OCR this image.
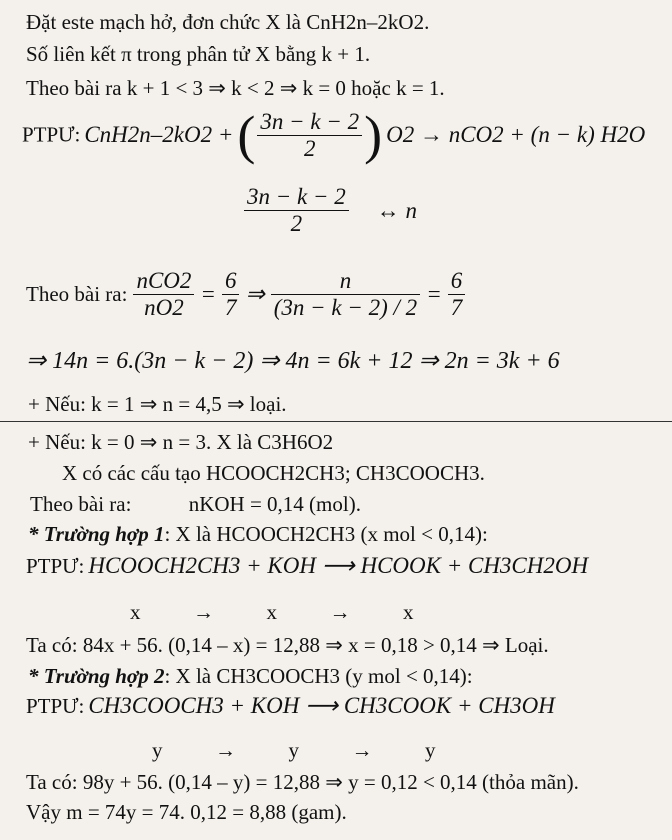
Đặt este mạch hở, đơn chức X là CnH2n–2kO2.
Số liên kết π trong phân tử X bằng k + 1.
Theo bài ra k + 1 < 3 ⇒ k < 2 ⇒ k = 0 hoặc k = 1.
PTPƯ: CnH2n–2kO2 + ( $\frac{3n - k - 2}{2}$ ) O2 → nCO2 + (n − k) H2O
$\frac{3n - k - 2}{2}$ ↔ n
Theo bài ra: $\frac{\text{nCO2}}{nO2} = \frac{6}{7}$ ⇒ $\frac{n}{(3n - k - 2) / 2} = \frac{6}{7}$
⇒ 14n = 6.(3n − k − 2) ⇒ 4n = 6k + 12 ⇒ 2n = 3k + 6
+ Nếu: k = 1 ⇒ n = 4,5 ⇒ loại.
+ Nếu: k = 0 ⇒ n = 3. X là C3H6O2
X có các cấu tạo HCOOCH2CH3; CH3COOCH3.
Theo bài ra:	nKOH = 0,14 (mol).
* Trường hợp 1: X là HCOOCH2CH3 (x mol < 0,14):
PTPƯ: HCOOCH2CH3 + KOH ⟶ HCOOK + CH3CH2OH
x          →          x          →          x
Ta có: 84x + 56. (0,14 – x) = 12,88 ⇒ x = 0,18 > 0,14 ⇒ Loại.
* Trường hợp 2: X là CH3COOCH3 (y mol < 0,14):
PTPƯ: CH3COOCH3 + KOH ⟶ CH3COOK + CH3OH
y          →          y          →          y
Ta có: 98y + 56. (0,14 – y) = 12,88 ⇒ y = 0,12 < 0,14 (thỏa mãn).
Vậy m = 74y = 74. 0,12 = 8,88 (gam).
